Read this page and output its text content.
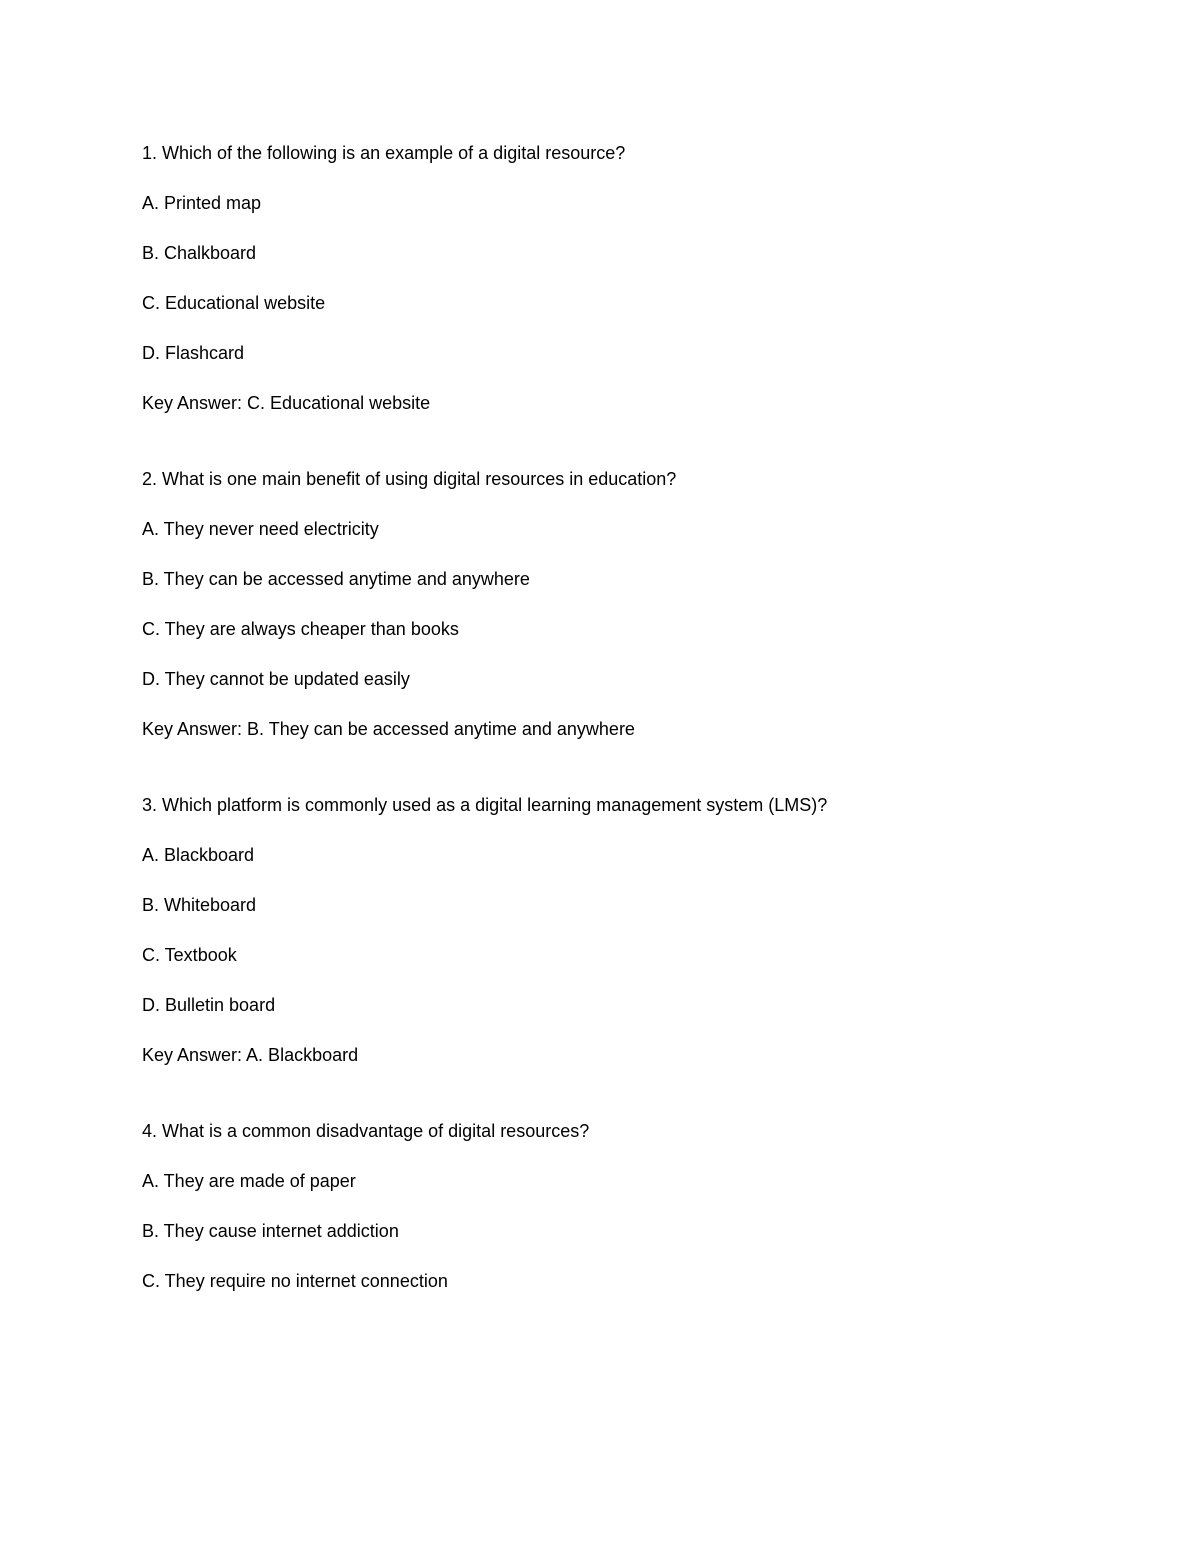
1. Which of the following is an example of a digital resource?
A. Printed map
B. Chalkboard
C. Educational website
D. Flashcard
Key Answer: C. Educational website
2. What is one main benefit of using digital resources in education?
A. They never need electricity
B. They can be accessed anytime and anywhere
C. They are always cheaper than books
D. They cannot be updated easily
Key Answer: B. They can be accessed anytime and anywhere
3. Which platform is commonly used as a digital learning management system (LMS)?
A. Blackboard
B. Whiteboard
C. Textbook
D. Bulletin board
Key Answer: A. Blackboard
4. What is a common disadvantage of digital resources?
A. They are made of paper
B. They cause internet addiction
C. They require no internet connection
